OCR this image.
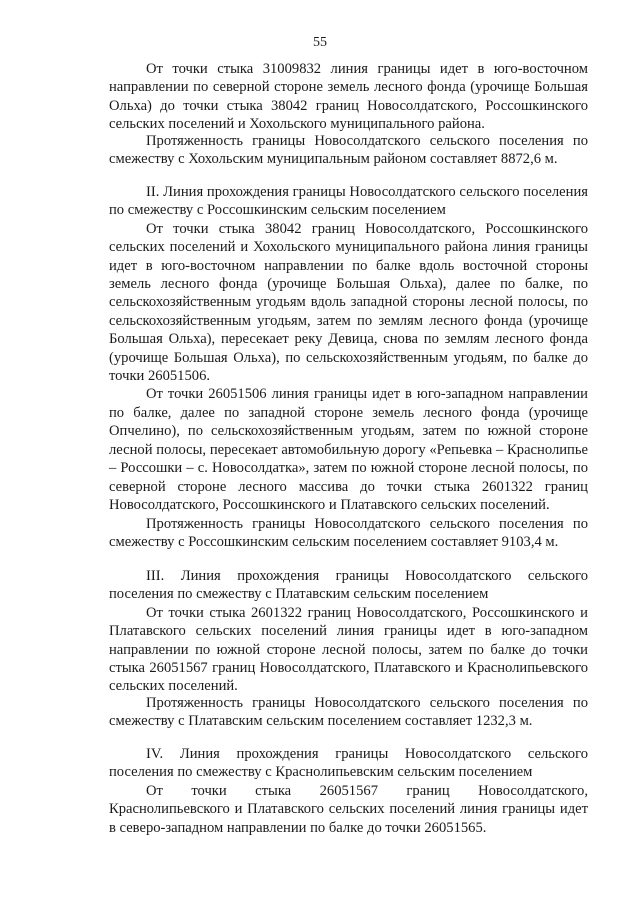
55

От точки стыка 31009832 линия границы идет в юго-восточном направлении по северной стороне земель лесного фонда (урочище Большая Ольха) до точки стыка 38042 границ Новосолдатского, Россошкинского сельских поселений и Хохольского муниципального района.

Протяженность границы Новосолдатского сельского поселения по смежеству с Хохольским муниципальным районом составляет 8872,6 м.

II. Линия прохождения границы Новосолдатского сельского поселения по смежеству с Россошкинским сельским поселением

От точки стыка 38042 границ Новосолдатского, Россошкинского сельских поселений и Хохольского муниципального района линия границы идет в юго-восточном направлении по балке вдоль восточной стороны земель лесного фонда (урочище Большая Ольха), далее по балке, по сельскохозяйственным угодьям вдоль западной стороны лесной полосы, по сельскохозяйственным угодьям, затем по землям лесного фонда (урочище Большая Ольха), пересекает реку Девица, снова по землям лесного фонда (урочище Большая Ольха), по сельскохозяйственным угодьям, по балке до точки 26051506.

От точки 26051506 линия границы идет в юго-западном направлении по балке, далее по западной стороне земель лесного фонда (урочище Опчелино), по сельскохозяйственным угодьям, затем по южной стороне лесной полосы, пересекает автомобильную дорогу «Репьевка – Краснолипье – Россошки – с. Новосолдатка», затем по южной стороне лесной полосы, по северной стороне лесного массива до точки стыка 2601322 границ Новосолдатского, Россошкинского и Платавского сельских поселений.

Протяженность границы Новосолдатского сельского поселения по смежеству с Россошкинским сельским поселением составляет 9103,4 м.

III. Линия прохождения границы Новосолдатского сельского поселения по смежеству с Платавским сельским поселением

От точки стыка 2601322 границ Новосолдатского, Россошкинского и Платавского сельских поселений линия границы идет в юго-западном направлении по южной стороне лесной полосы, затем по балке до точки стыка 26051567 границ Новосолдатского, Платавского и Краснолипьевского сельских поселений.

Протяженность границы Новосолдатского сельского поселения по смежеству с Платавским сельским поселением составляет 1232,3 м.

IV. Линия прохождения границы Новосолдатского сельского поселения по смежеству с Краснолипьевским сельским поселением

От точки стыка 26051567 границ Новосолдатского, Краснолипьевского и Платавского сельских поселений линия границы идет в северо-западном направлении по балке до точки 26051565.
